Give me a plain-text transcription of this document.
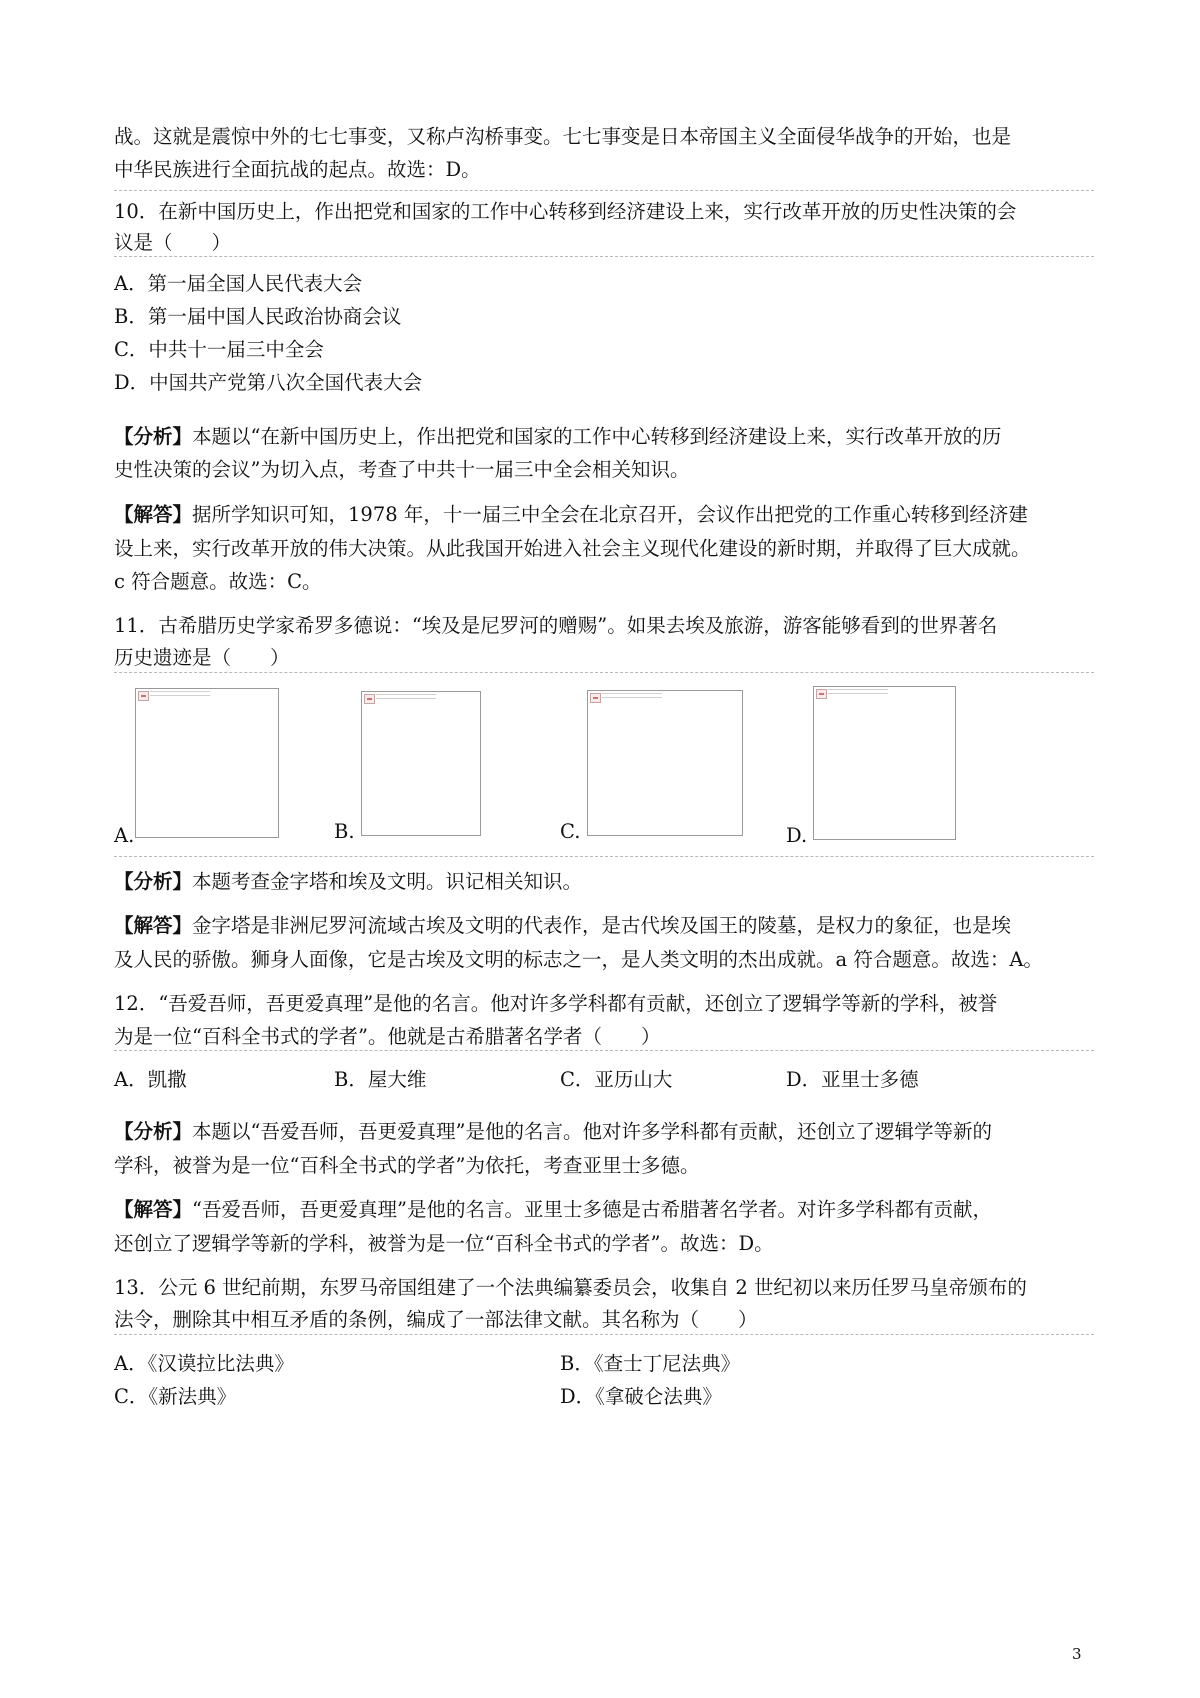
战。这就是震惊中外的七七事变，又称卢沟桥事变。七七事变是日本帝国主义全面侵华战争的开始，也是
中华民族进行全面抗战的起点。故选：D。
10．在新中国历史上，作出把党和国家的工作中心转移到经济建设上来，实行改革开放的历史性决策的会
议是（　　）
A．第一届全国人民代表大会
B．第一届中国人民政治协商会议
C．中共十一届三中全会
D．中国共产党第八次全国代表大会
【分析】本题以“在新中国历史上，作出把党和国家的工作中心转移到经济建设上来，实行改革开放的历
史性决策的会议”为切入点，考查了中共十一届三中全会相关知识。
【解答】据所学知识可知，1978 年，十一届三中全会在北京召开，会议作出把党的工作重心转移到经济建
设上来，实行改革开放的伟大决策。从此我国开始进入社会主义现代化建设的新时期，并取得了巨大成就。
c 符合题意。故选：C。
11．古希腊历史学家希罗多德说：“埃及是尼罗河的赠赐”。如果去埃及旅游，游客能够看到的世界著名
历史遗迹是（　　）
A.	B.	C.	D.
【分析】本题考查金字塔和埃及文明。识记相关知识。
【解答】金字塔是非洲尼罗河流域古埃及文明的代表作，是古代埃及国王的陵墓，是权力的象征，也是埃
及人民的骄傲。狮身人面像，它是古埃及文明的标志之一，是人类文明的杰出成就。a 符合题意。故选：A。
12．“吾爱吾师，吾更爱真理”是他的名言。他对许多学科都有贡献，还创立了逻辑学等新的学科，被誉
为是一位“百科全书式的学者”。他就是古希腊著名学者（　　）
A．凯撒	B．屋大维	C．亚历山大	D．亚里士多德
【分析】本题以“吾爱吾师，吾更爱真理”是他的名言。他对许多学科都有贡献，还创立了逻辑学等新的
学科，被誉为是一位“百科全书式的学者”为依托，考查亚里士多德。
【解答】“吾爱吾师，吾更爱真理”是他的名言。亚里士多德是古希腊著名学者。对许多学科都有贡献，
还创立了逻辑学等新的学科，被誉为是一位“百科全书式的学者”。故选：D。
13．公元 6 世纪前期，东罗马帝国组建了一个法典编纂委员会，收集自 2 世纪初以来历任罗马皇帝颁布的
法令，删除其中相互矛盾的条例，编成了一部法律文献。其名称为（　　）
A．《汉谟拉比法典》	B．《查士丁尼法典》
C．《新法典》	D．《拿破仑法典》
3
